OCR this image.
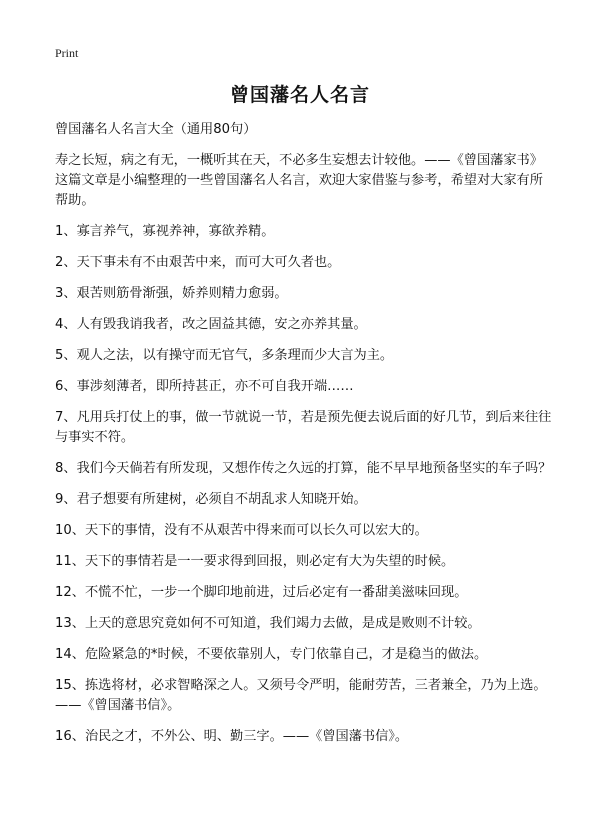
Print
曾国藩名人名言

曾国藩名人名言大全（通用80句）

寿之长短，病之有无，一概听其在天，不必多生妄想去计较他。——《曾国藩家书》这篇文章是小编整理的一些曾国藩名人名言，欢迎大家借鉴与参考，希望对大家有所帮助。

1、寡言养气，寡视养神，寡欲养精。
2、天下事未有不由艰苦中来，而可大可久者也。
3、艰苦则筋骨渐强，娇养则精力愈弱。
4、人有毁我诮我者，改之固益其德，安之亦养其量。
5、观人之法，以有操守而无官气，多条理而少大言为主。
6、事涉刻薄者，即所持甚正，亦不可自我开端……
7、凡用兵打仗上的事，做一节就说一节，若是预先便去说后面的好几节，到后来往往与事实不符。
8、我们今天倘若有所发现，又想作传之久远的打算，能不早早地预备坚实的车子吗？
9、君子想要有所建树，必须自不胡乱求人知晓开始。
10、天下的事情，没有不从艰苦中得来而可以长久可以宏大的。
11、天下的事情若是一一要求得到回报，则必定有大为失望的时候。
12、不慌不忙，一步一个脚印地前进，过后必定有一番甜美滋味回现。
13、上天的意思究竟如何不可知道，我们竭力去做，是成是败则不计较。
14、危险紧急的*时候，不要依靠别人，专门依靠自己，才是稳当的做法。
15、拣选将材，必求智略深之人。又须号令严明，能耐劳苦，三者兼全，乃为上选。——《曾国藩书信》。
16、治民之才，不外公、明、勤三字。——《曾国藩书信》。
